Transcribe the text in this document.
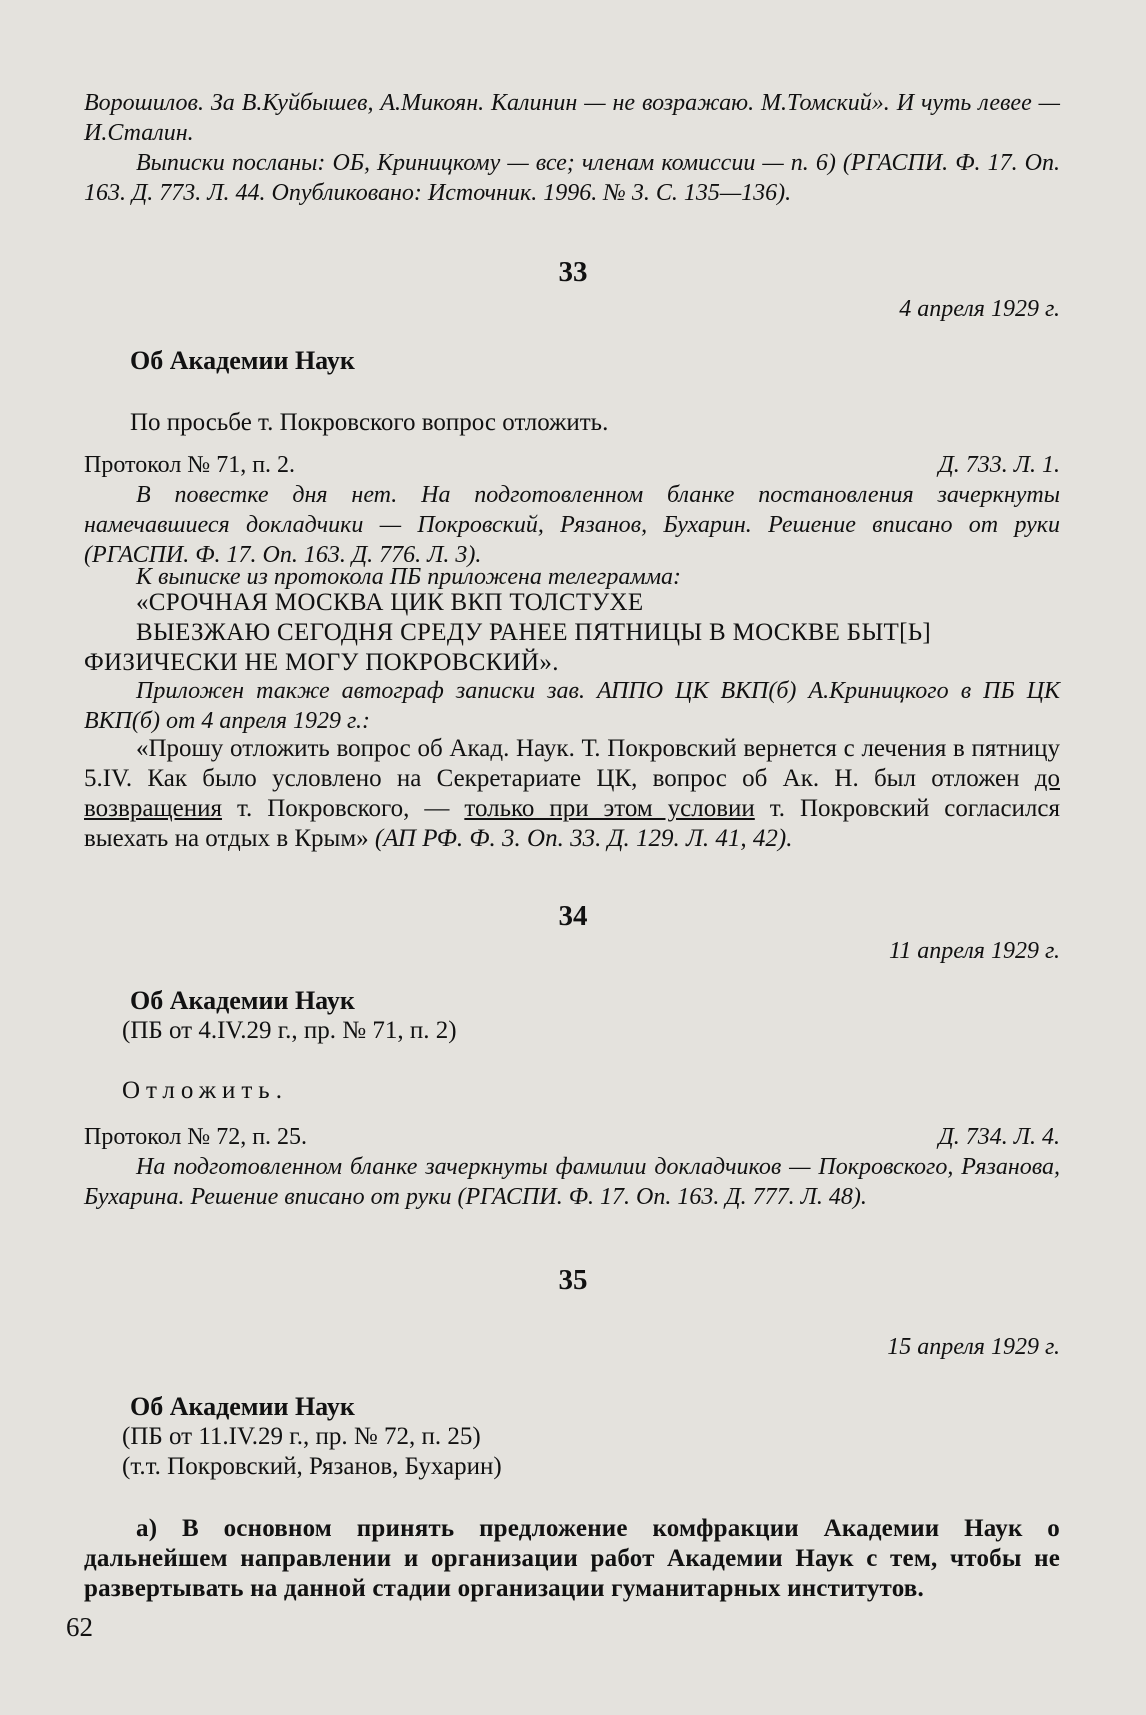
Ворошилов. За В.Куйбышев, А.Микоян. Калинин — не возражаю. М.Томский». И чуть левее — И.Сталин.

Выписки посланы: ОБ, Криницкому — все; членам комиссии — п. 6) (РГАСПИ. Ф. 17. Оп. 163. Д. 773. Л. 44. Опубликовано: Источник. 1996. № 3. С. 135—136).

33
4 апреля 1929 г.
Об Академии Наук
По просьбе т. Покровского вопрос отложить.
Протокол № 71, п. 2.	Д. 733. Л. 1.

В повестке дня нет. На подготовленном бланке постановления зачеркнуты намечавшиеся докладчики — Покровский, Рязанов, Бухарин. Решение вписано от руки (РГАСПИ. Ф. 17. Оп. 163. Д. 776. Л. 3).

К выписке из протокола ПБ приложена телеграмма:

«СРОЧНАЯ МОСКВА ЦИК ВКП ТОЛСТУХЕ

ВЫЕЗЖАЮ СЕГОДНЯ СРЕДУ РАНЕЕ ПЯТНИЦЫ В МОСКВЕ БЫТ[Ь] ФИЗИЧЕСКИ НЕ МОГУ ПОКРОВСКИЙ».

Приложен также автограф записки зав. АППО ЦК ВКП(б) А.Криницкого в ПБ ЦК ВКП(б) от 4 апреля 1929 г.:

«Прошу отложить вопрос об Акад. Наук. Т. Покровский вернется с лечения в пятницу 5.IV. Как было условлено на Секретариате ЦК, вопрос об Ак. Н. был отложен до возвращения т. Покровского, — только при этом условии т. Покровский согласился выехать на отдых в Крым» (АП РФ. Ф. 3. Оп. 33. Д. 129. Л. 41, 42).

34
11 апреля 1929 г.
Об Академии Наук
(ПБ от 4.IV.29 г., пр. № 71, п. 2)
Отложить.
Протокол № 72, п. 25.	Д. 734. Л. 4.

На подготовленном бланке зачеркнуты фамилии докладчиков — Покровского, Рязанова, Бухарина. Решение вписано от руки (РГАСПИ. Ф. 17. Оп. 163. Д. 777. Л. 48).

35
15 апреля 1929 г.
Об Академии Наук
(ПБ от 11.IV.29 г., пр. № 72, п. 25)
(т.т. Покровский, Рязанов, Бухарин)

а) В основном принять предложение комфракции Академии Наук о дальнейшем направлении и организации работ Академии Наук с тем, чтобы не развертывать на данной стадии организации гуманитарных институтов.

62
